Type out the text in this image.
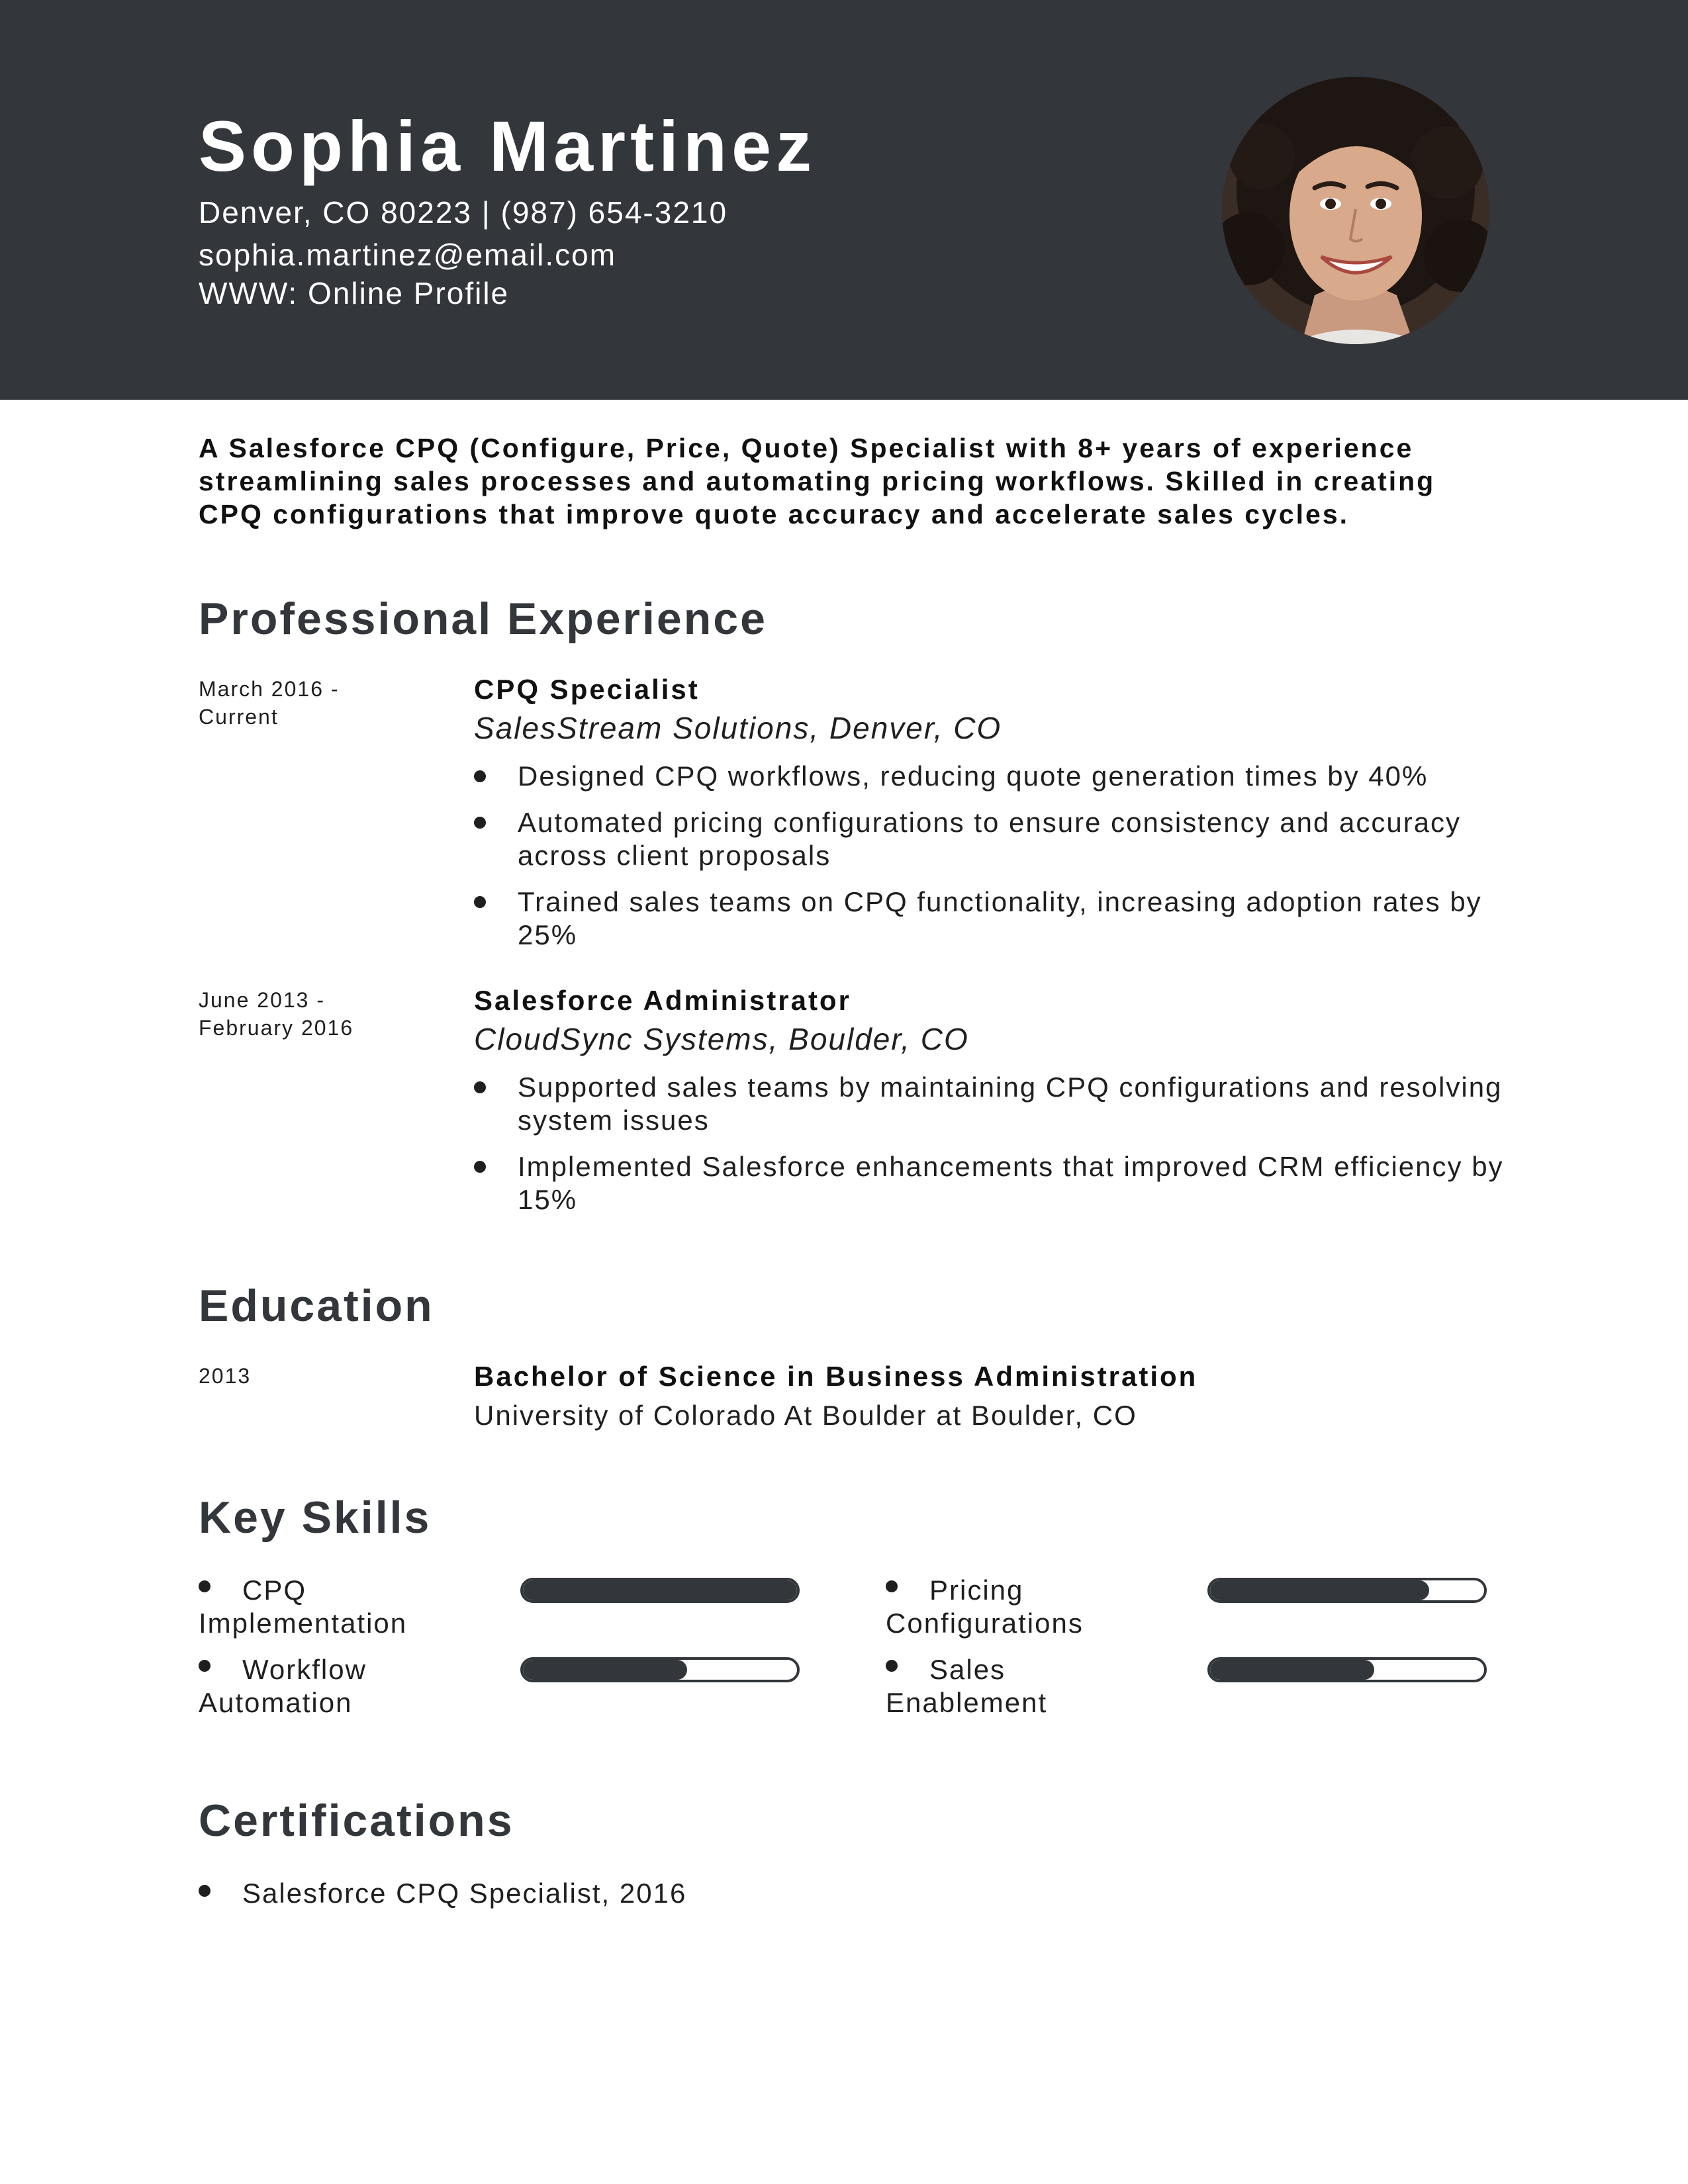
Sophia Martinez
Denver, CO 80223 | (987) 654-3210
sophia.martinez@email.com
WWW: Online Profile

A Salesforce CPQ (Configure, Price, Quote) Specialist with 8+ years of experience streamlining sales processes and automating pricing workflows. Skilled in creating CPQ configurations that improve quote accuracy and accelerate sales cycles.

Professional Experience
March 2016 -
Current
CPQ Specialist
SalesStream Solutions, Denver, CO
Designed CPQ workflows, reducing quote generation times by 40%
Automated pricing configurations to ensure consistency and accuracy across client proposals
Trained sales teams on CPQ functionality, increasing adoption rates by 25%
June 2013 -
February 2016
Salesforce Administrator
CloudSync Systems, Boulder, CO
Supported sales teams by maintaining CPQ configurations and resolving system issues
Implemented Salesforce enhancements that improved CRM efficiency by 15%
Education
2013	Bachelor of Science in Business Administration
University of Colorado At Boulder at Boulder, CO
Key Skills
CPQ Implementation
Pricing Configurations
Workflow Automation
Sales Enablement
Certifications
Salesforce CPQ Specialist, 2016
